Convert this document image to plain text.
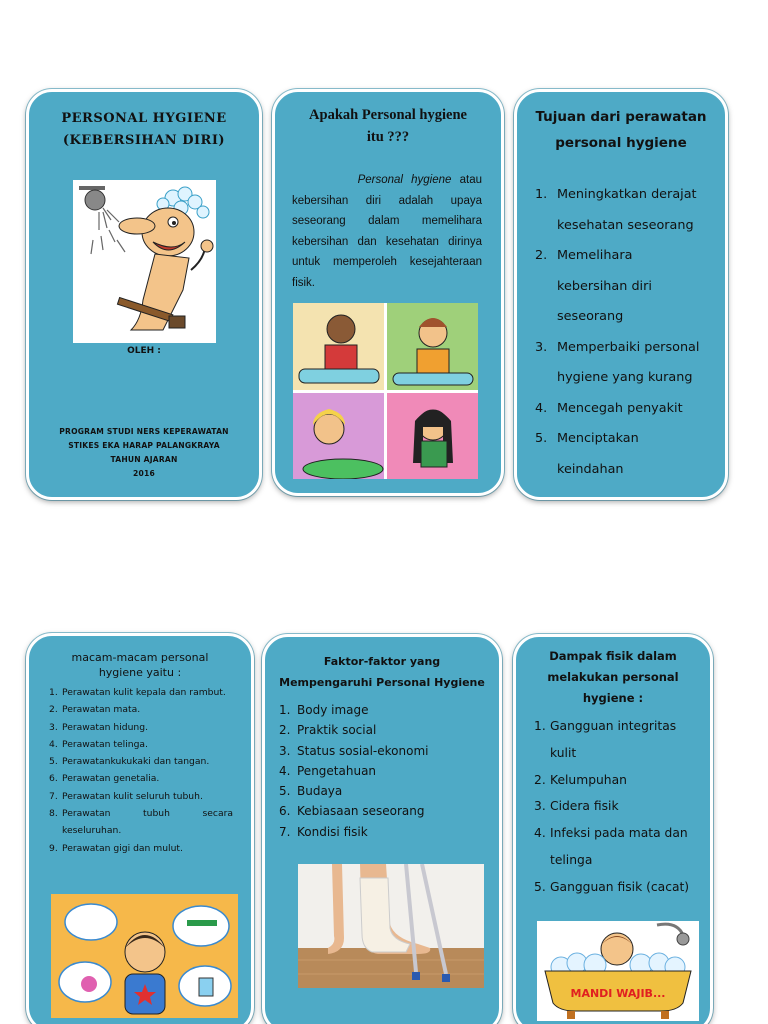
PERSONAL HYGIENE
(KEBERSIHAN DIRI)
OLEH :
PROGRAM STUDI NERS KEPERAWATAN
STIKES EKA HARAP PALANGKRAYA
TAHUN AJARAN
2016
Apakah Personal hygiene
itu ???

Personal hygiene atau kebersihan diri adalah upaya seseorang dalam memelihara kebersihan dan kesehatan dirinya untuk memperoleh kesejahteraan fisik.

Tujuan dari perawatan
personal hygiene
1. Meningkatkan derajat
kesehatan seseorang
2. Memelihara
kebersihan diri
seseorang
3. Memperbaiki personal
hygiene yang kurang
4. Mencegah penyakit
5. Menciptakan
keindahan
macam-macam personal
hygiene yaitu :
1. Perawatan kulit kepala dan rambut.
2. Perawatan mata.
3. Perawatan hidung.
4. Perawatan telinga.
5. Perawatankukukaki dan tangan.
6. Perawatan genetalia.
7. Perawatan kulit seluruh tubuh.
8. Perawatan tubuh secara keseluruhan.
9. Perawatan gigi dan mulut.
Faktor-faktor yang
Mempengaruhi Personal Hygiene
1. Body image
2. Praktik social
3. Status sosial-ekonomi
4. Pengetahuan
5. Budaya
6. Kebiasaan seseorang
7. Kondisi fisik
Dampak fisik dalam
melakukan personal
hygiene :
1. Gangguan integritas
kulit
2. Kelumpuhan
3. Cidera fisik
4. Infeksi pada mata dan
telinga
5. Gangguan fisik (cacat)
MANDI WAJIB...
